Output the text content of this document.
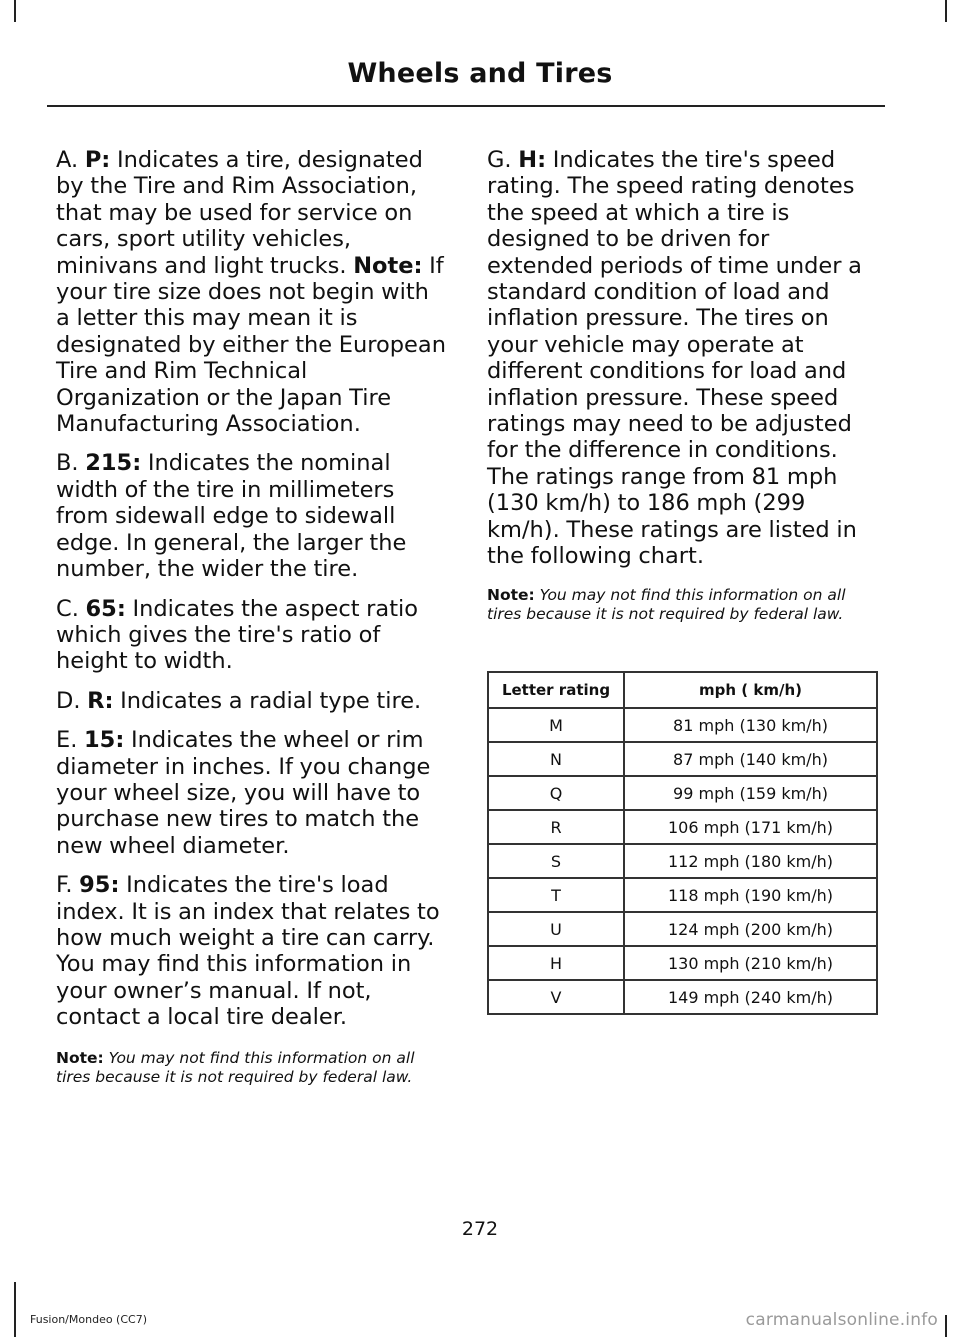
Wheels and Tires

A. P: Indicates a tire, designated by the Tire and Rim Association, that may be used for service on cars, sport utility vehicles, minivans and light trucks. Note: If your tire size does not begin with a letter this may mean it is designated by either the European Tire and Rim Technical Organization or the Japan Tire Manufacturing Association.

B. 215: Indicates the nominal width of the tire in millimeters from sidewall edge to sidewall edge. In general, the larger the number, the wider the tire.

C. 65: Indicates the aspect ratio which gives the tire's ratio of height to width.

D. R: Indicates a radial type tire.

E. 15: Indicates the wheel or rim diameter in inches. If you change your wheel size, you will have to purchase new tires to match the new wheel diameter.

F. 95: Indicates the tire's load index. It is an index that relates to how much weight a tire can carry. You may find this information in your owner’s manual. If not, contact a local tire dealer.

Note: You may not find this information on all tires because it is not required by federal law.

G. H: Indicates the tire's speed rating. The speed rating denotes the speed at which a tire is designed to be driven for extended periods of time under a standard condition of load and inflation pressure. The tires on your vehicle may operate at different conditions for load and inflation pressure. These speed ratings may need to be adjusted for the difference in conditions. The ratings range from 81 mph (130 km/h) to 186 mph (299 km/h). These ratings are listed in the following chart.

Note: You may not find this information on all tires because it is not required by federal law.

Letter rating	mph ( km/h)
M	81 mph (130 km/h)
N	87 mph (140 km/h)
Q	99 mph (159 km/h)
R	106 mph (171 km/h)
S	112 mph (180 km/h)
T	118 mph (190 km/h)
U	124 mph (200 km/h)
H	130 mph (210 km/h)
V	149 mph (240 km/h)
272
Fusion/Mondeo (CC7)	carmanualsonline.info
